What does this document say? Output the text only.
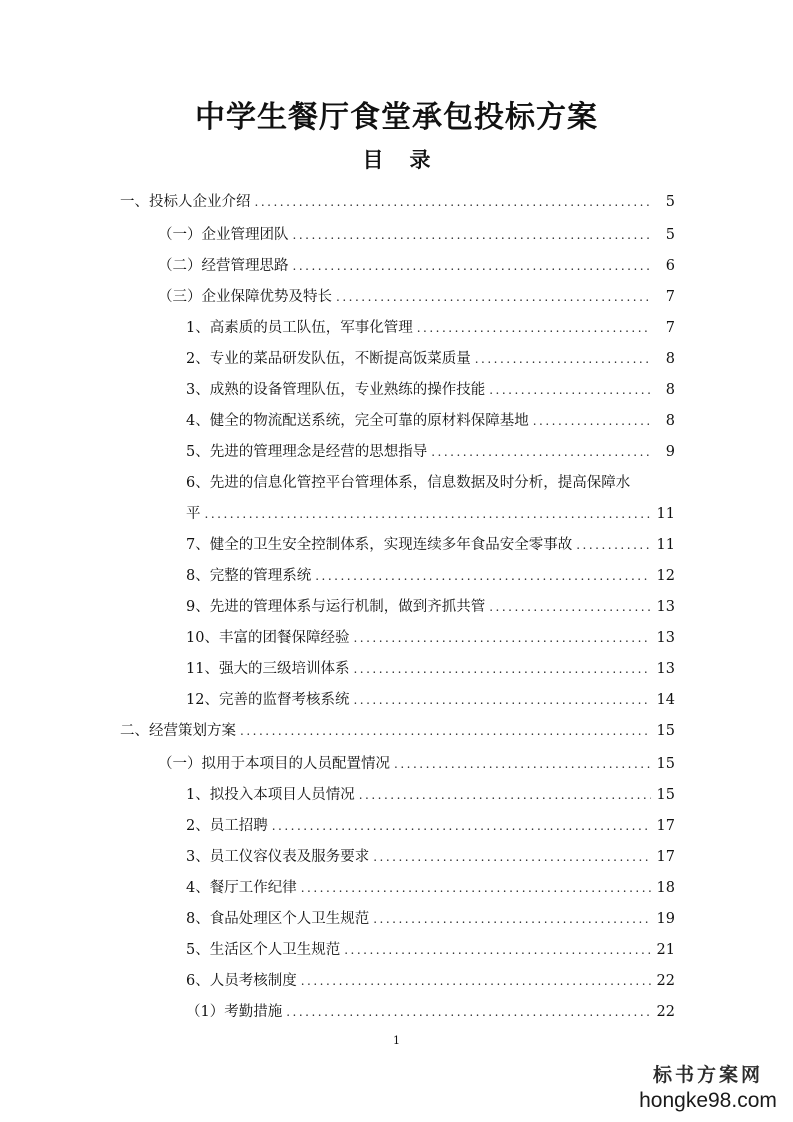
中学生餐厅食堂承包投标方案
目录
一、投标人企业介绍 .....	5
（一）企业管理团队 .....	5
（二）经营管理思路 .....	6
（三）企业保障优势及特长 .....	7
1、高素质的员工队伍，军事化管理 .....	7
2、专业的菜品研发队伍，不断提高饭菜质量 .....	8
3、成熟的设备管理队伍，专业熟练的操作技能 .....	8
4、健全的物流配送系统，完全可靠的原材料保障基地 .....	8
5、先进的管理理念是经营的思想指导 .....	9
6、先进的信息化管控平台管理体系，信息数据及时分析，提高保障水
平 .....	11
7、健全的卫生安全控制体系，实现连续多年食品安全零事故 .....	11
8、完整的管理系统 .....	12
9、先进的管理体系与运行机制，做到齐抓共管 .....	13
10、丰富的团餐保障经验 .....	13
11、强大的三级培训体系 .....	13
12、完善的监督考核系统 .....	14
二、经营策划方案 .....	15
（一）拟用于本项目的人员配置情况 .....	15
1、拟投入本项目人员情况 .....	15
2、员工招聘 .....	17
3、员工仪容仪表及服务要求 .....	17
4、餐厅工作纪律 .....	18
8、食品处理区个人卫生规范 .....	19
5、生活区个人卫生规范 .....	21
6、人员考核制度 .....	22
（1）考勤措施 .....	22
1
标书方案网
hongke98.com
